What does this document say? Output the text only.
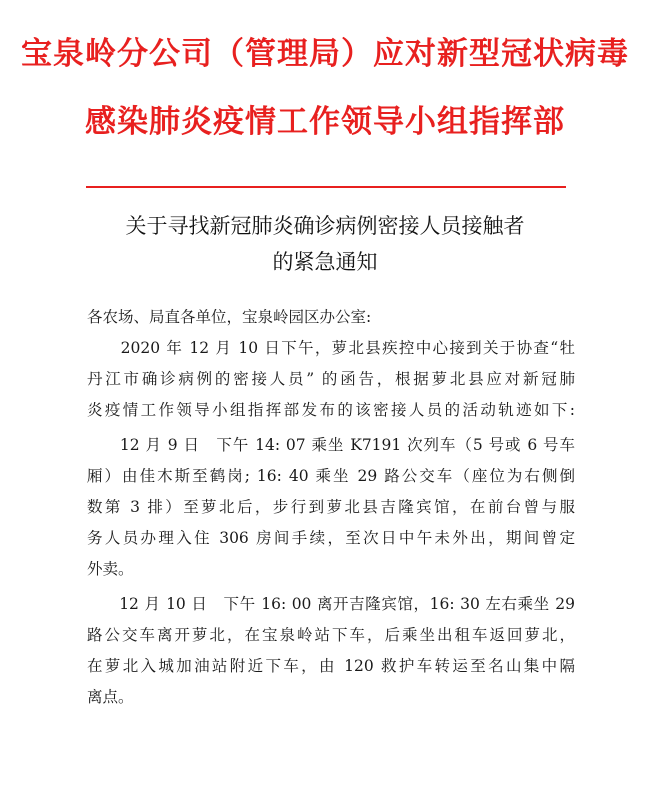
宝泉岭分公司（管理局）应对新型冠状病毒
感染肺炎疫情工作领导小组指挥部
关于寻找新冠肺炎确诊病例密接人员接触者
的紧急通知
各农场、局直各单位，宝泉岭园区办公室:
　　2020 年 12 月 10 日下午，萝北县疾控中心接到关于协查“牡
丹江市确诊病例的密接人员” 的函告，根据萝北县应对新冠肺
炎疫情工作领导小组指挥部发布的该密接人员的活动轨迹如下:
　　12 月 9 日　下午 14: 07 乘坐 K7191 次列车（5 号或 6 号车
厢）由佳木斯至鹤岗; 16: 40 乘坐 29 路公交车（座位为右侧倒
数第 3 排）至萝北后，步行到萝北县吉隆宾馆，在前台曾与服
务人员办理入住 306 房间手续，至次日中午未外出，期间曾定
外卖。
　　12 月 10 日　下午 16: 00 离开吉隆宾馆，16: 30 左右乘坐 29
路公交车离开萝北，在宝泉岭站下车，后乘坐出租车返回萝北，
在萝北入城加油站附近下车，由 120 救护车转运至名山集中隔
离点。
